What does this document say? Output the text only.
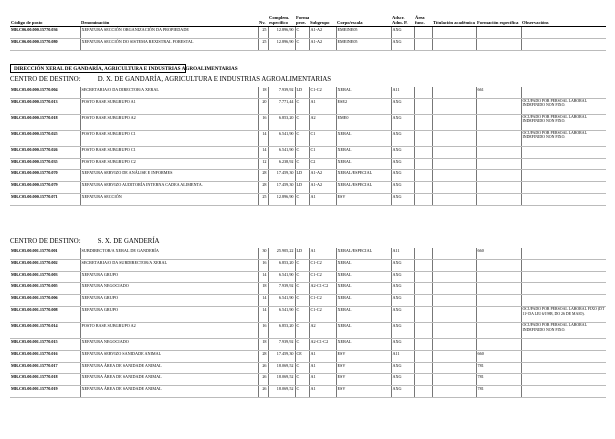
Código de posto	Denominación	Nv.	Complem. específico	Forma prov.	Subgrupo	Corpo/escala	Adscr. Adm. P.	Área func.	Titulación académica	Formación específica	Observacións
MR.C06.00.000.15770.036	XEFATURA SECCIÓN ORGANIZACIÓN DA PROPIEDADE	25	12.896,90	C	A1-A2	EMEINE05	AXG				
MR.C06.00.000.15770.080	XEFATURA SECCIÓN DO SISTEMA REXISTRAL FORESTAL	25	12.896,90	C	A1-A2	EMEINE05	AXG				
DIRECCIÓN XERAL DE GANDARÍA, AGRICULTURA E INDUSTRIAS AGROALIMENTARIAS
CENTRO DE DESTINO:	D. X. DE GANDARÍA, AGRICULTURA E INDUSTRIAS AGROALIMENTARIAS
MR.C05.00.000.15770.004	SECRETARIA/O DA DIRECTOR/A XERAL	18	7.939,92	LD	C1-C2	XERAL	A11			661	
MR.C05.00.000.15770.013	POSTO BASE SUBGRUPO A1	20	7.771,44	C	A1	ESE2	AXG				OCUPADO POR PERSOAL LABORAL INDEFINIDO NON FIXO.
MR.C05.00.000.15770.018	POSTO BASE SUBGRUPO A2	16	6.853,20	C	A2	EME0	AXG				OCUPADO POR PERSOAL LABORAL INDEFINIDO NON FIXO.
MR.C05.00.000.15770.025	POSTO BASE SUBGRUPO C1	14	6.541,90	C	C1	XERAL	AXG				OCUPADO POR PERSOAL LABORAL INDEFINIDO NON FIXO.
MR.C05.00.000.15770.026	POSTO BASE SUBGRUPO C1	14	6.541,90	C	C1	XERAL	AXG				
MR.C05.00.000.15770.035	POSTO BASE SUBGRUPO C2	12	6.238,92	C	C2	XERAL	AXG				
MR.C05.00.000.15770.070	XEFATURA SERVIZO DE ANÁLISE E INFORMES	28	17.459,30	LD	A1-A2	XERAL/ESPECIAL	AXG				
MR.C05.00.000.15770.079	XEFATURA SERVIZO AUDITORÍA INTERNA CADEA ALIMENTA.	28	17.459,30	LD	A1-A2	XERAL/ESPECIAL	AXG				
MR.C05.00.000.15770.071	XEFATURA SECCIÓN	25	12.896,90	C	A1	ESV	AXG				
CENTRO DE DESTINO:	S. X. DE GANDERÍA
MR.C05.00.001.15770.001	SUBDIRECTOR/A XERAL DE GANDERÍA	30	25.905,22	LD	A1	XERAL/ESPECIAL	A11			660	
MR.C05.00.001.15770.002	SECRETARIA/O DA SUBDIRECTOR/A XERAL	16	6.853,20	C	C1-C2	XERAL	AXG				
MR.C05.00.001.15770.003	XEFATURA GRUPO	14	6.541,90	C	C1-C2	XERAL	AXG				
MR.C05.00.001.15770.005	XEFATURA NEGOCIADO	18	7.939,92	C	A2-C1-C2	XERAL	AXG				
MR.C05.00.001.15770.006	XEFATURA GRUPO	14	6.541,90	C	C1-C2	XERAL	AXG				
MR.C05.00.001.15770.008	XEFATURA GRUPO	14	6.541,90	C	C1-C2	XERAL	AXG				OCUPADO POR PERSOAL LABORAL FIXO (DT 11ª DA LEI 6/1988, DO 26 DE MAIO).
MR.C05.00.001.15770.014	POSTO BASE SUBGRUPO A2	16	6.853,20	C	A2	XERAL	AXG				OCUPADO POR PERSOAL LABORAL INDEFINIDO NON FIXO.
MR.C05.00.001.15770.015	XEFATURA NEGOCIADO	18	7.939,92	C	A2-C1-C2	XERAL	AXG				
MR.C05.00.001.15770.016	XEFATURA SERVIZO SANIDADE ANIMAL	28	17.459,30	CE	A1	ESV	A11			660	
MR.C05.00.001.15770.017	XEFATURA ÁREA DE SANIDADE ANIMAL	26	18.069,52	C	A1	ESV	AXG			781	
MR.C05.00.001.15770.018	XEFATURA ÁREA DE SANIDADE ANIMAL	26	18.069,52	C	A1	ESV	AXG			781	
MR.C05.00.001.15770.019	XEFATURA ÁREA DE SANIDADE ANIMAL	26	18.069,52	C	A1	ESV	AXG			781	
